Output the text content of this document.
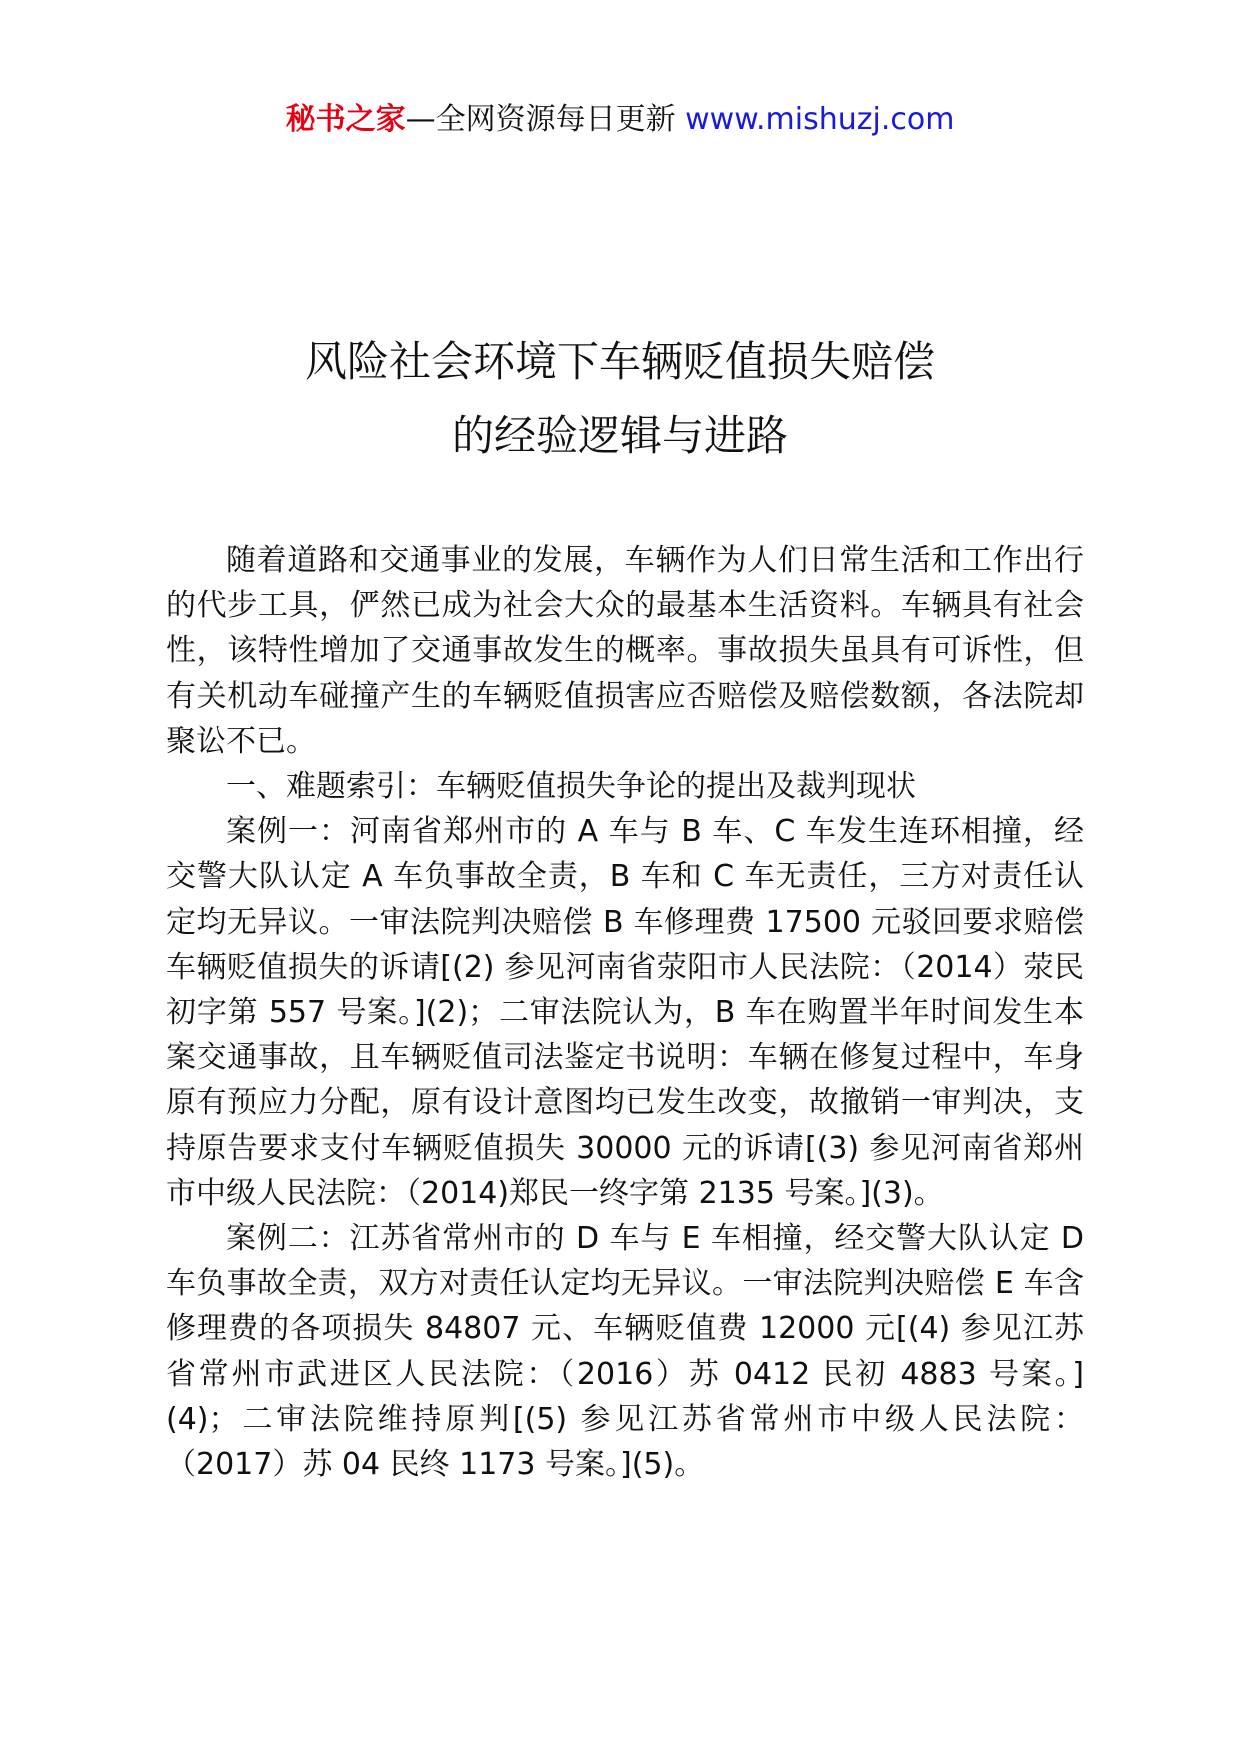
秘书之家—全网资源每日更新 www.mishuzj.com
风险社会环境下车辆贬值损失赔偿
的经验逻辑与进路

随着道路和交通事业的发展，车辆作为人们日常生活和工作出行的代步工具，俨然已成为社会大众的最基本生活资料。车辆具有社会性，该特性增加了交通事故发生的概率。事故损失虽具有可诉性，但有关机动车碰撞产生的车辆贬值损害应否赔偿及赔偿数额，各法院却聚讼不已。

一、难题索引：车辆贬值损失争论的提出及裁判现状

案例一：河南省郑州市的 A 车与 B 车、C 车发生连环相撞，经交警大队认定 A 车负事故全责，B 车和 C 车无责任，三方对责任认定均无异议。一审法院判决赔偿 B 车修理费 17500 元驳回要求赔偿车辆贬值损失的诉请[(2) 参见河南省荥阳市人民法院：（2014）荥民初字第 557 号案。](2)；二审法院认为，B 车在购置半年时间发生本案交通事故，且车辆贬值司法鉴定书说明：车辆在修复过程中，车身原有预应力分配，原有设计意图均已发生改变，故撤销一审判决，支持原告要求支付车辆贬值损失 30000 元的诉请[(3) 参见河南省郑州市中级人民法院：（2014)郑民一终字第 2135 号案。](3)。

案例二：江苏省常州市的 D 车与 E 车相撞，经交警大队认定 D 车负事故全责，双方对责任认定均无异议。一审法院判决赔偿 E 车含修理费的各项损失 84807 元、车辆贬值费 12000 元[(4) 参见江苏省常州市武进区人民法院：（2016）苏 0412 民初 4883 号案。](4)；二审法院维持原判[(5) 参见江苏省常州市中级人民法院：（2017）苏 04 民终 1173 号案。](5)。
